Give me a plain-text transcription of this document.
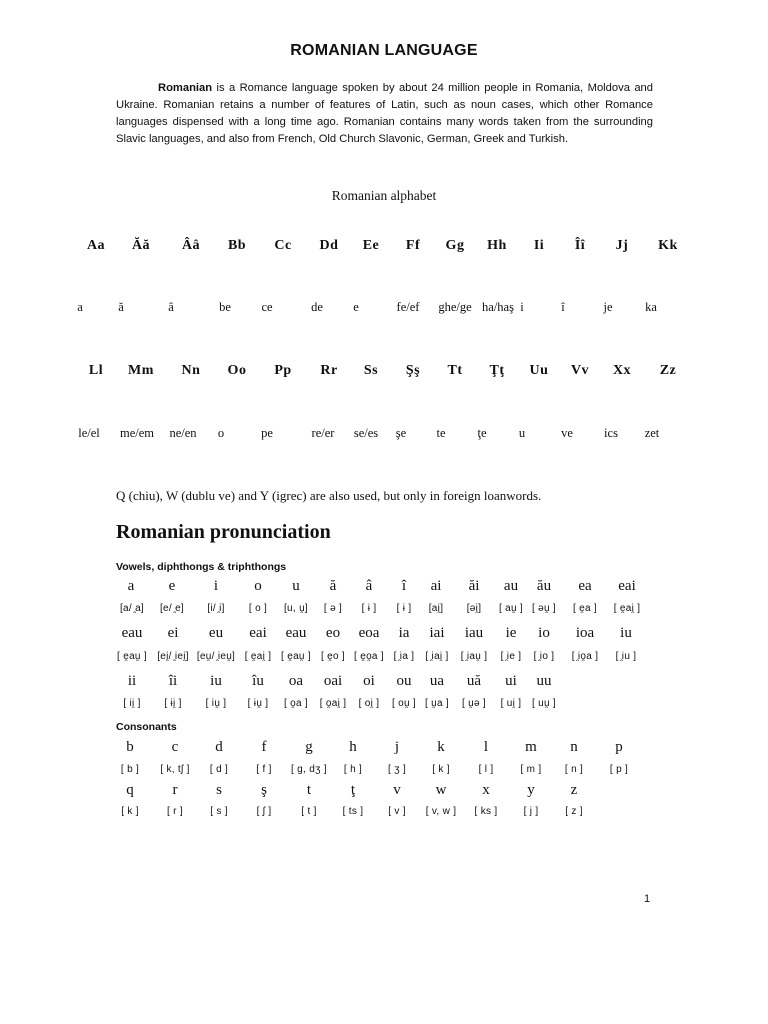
ROMANIAN LANGUAGE

Romanian is a Romance language spoken by about 24 million people in Romania, Moldova and Ukraine. Romanian retains a number of features of Latin, such as noun cases, which other Romance languages dispensed with a long time ago. Romanian contains many words taken from the surrounding Slavic languages, and also from French, Old Church Slavonic, German, Greek and Turkish.

Romanian alphabet
Aa Ăă Ââ Bb Cc Dd Ee Ff Gg Hh Ii Îî Jj Kk
a	ă	â	be ce	de e	fe/ef ghe/ge ha/haş i	î	je	ka
Ll Mm Nn Oo Pp Rr Ss Şş Tt Ţţ Uu Vv Xx Zz
le/el me/em ne/en o	pe	re/er se/es şe te	ţe	u	ve ics zet
Q (chiu), W (dublu ve) and Y (igrec) are also used, but only in foreign loanwords.
Romanian pronunciation
Vowels, diphthongs & triphthongs
a e	i o u ă â î ai ăi au ău ea eai
[a/ ̯a] [e/ ̯e] [i/ ̯i] [ o ] [u, u̯] [ ə ] [ ɨ ] [ ɨ ] [ai̯] [əi̯] [ au̯ ] [ əu̯ ] [ e̯a ] [ e̯ai̯ ]
eau ei eu eai eau eo eoa ia iai iau ie io ioa iu
[ e̯au̯ ] [ei̯/ ̯iei̯] [eu̯/ ̯ieu̯] [ e̯ai̯ ] [ e̯au̯ ] [ e̯o ] [ e̯o̯a ] [ ̯ia ] [ ̯iai̯ ] [ ̯iau̯ ] [ ̯ie ] [ ̯io ] [ ̯io̯a ] [ ̯iu ]
ii îi iu îu oa oai oi ou ua uă ui uu
[ ii̯ ] [ ɨi̯ ] [ iu̯ ] [ ɨu̯ ] [ o̯a ] [ o̯ai̯ ] [ oi̯ ] [ ou̯ ] [ u̯a ] [ u̯ə ] [ ui̯ ] [ uu̯ ]
Consonants
b	c d	f	g h	j	k	l m n	p
[ b ] [ k, tʃ ] [ d ]	[ f ] [ g, dʒ ] [ h ]	[ ʒ ]	[ k ]	[ l ]	[ m ] [ n ]	[ p ]
q	r	s	ş	t	ţ	v w x	y z
[ k ]	[ r ]	[ s ]	[ ʃ ]	[ t ]	[ ts ] [ v ] [ v, w ] [ ks ]	[ j ]	[ z ]
1
